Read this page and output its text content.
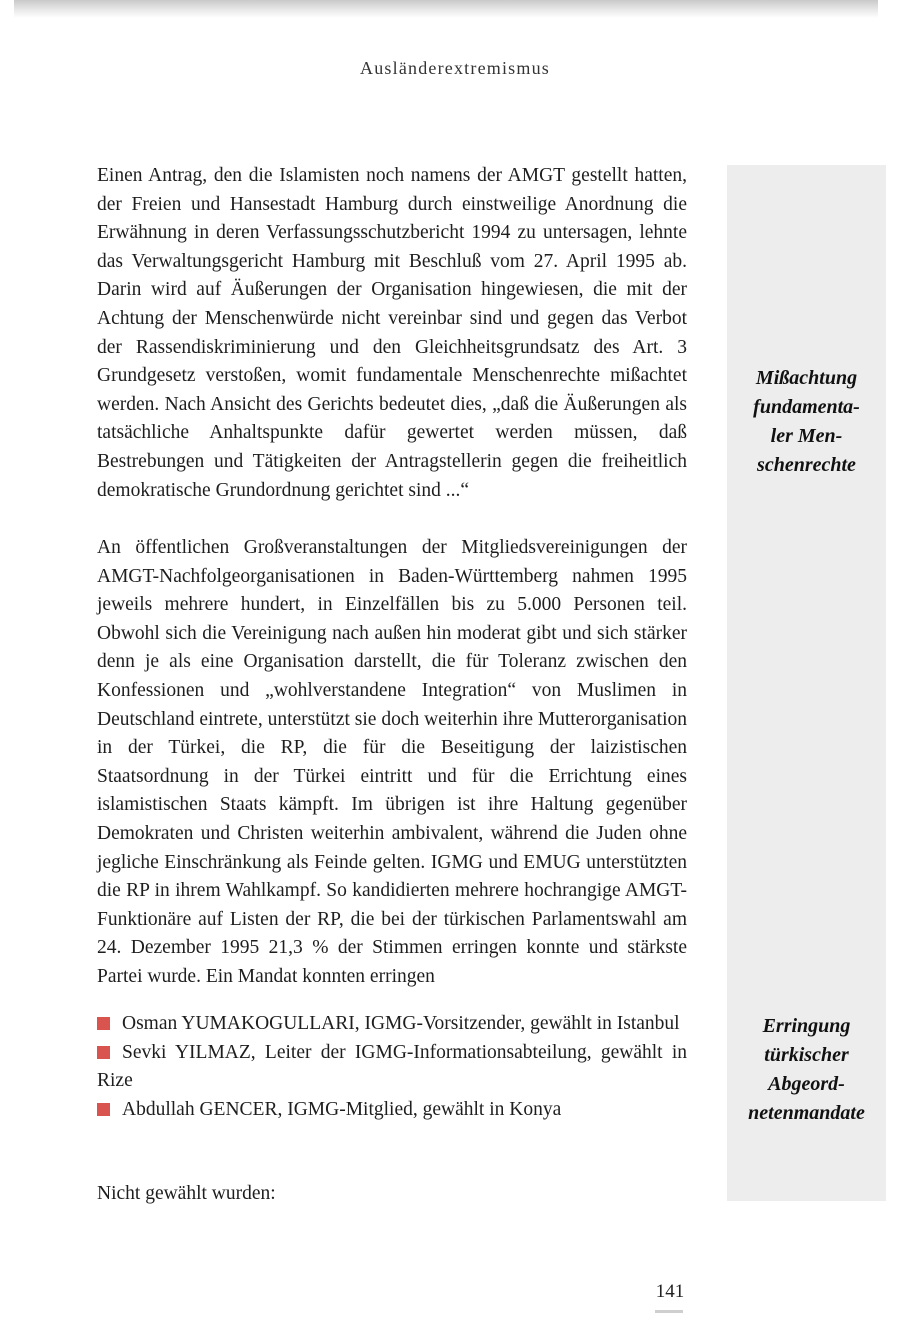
Ausländerextremismus
Einen Antrag, den die Islamisten noch namens der AMGT gestellt hatten, der Freien und Hansestadt Hamburg durch einstweilige Anordnung die Erwähnung in deren Verfassungsschutzbericht 1994 zu untersagen, lehnte das Verwaltungsgericht Hamburg mit Beschluß vom 27. April 1995 ab. Darin wird auf Äußerungen der Organisation hingewiesen, die mit der Achtung der Menschenwürde nicht vereinbar sind und gegen das Verbot der Rassendiskriminierung und den Gleichheitsgrundsatz des Art. 3 Grundgesetz verstoßen, womit fundamentale Menschenrechte mißachtet werden. Nach Ansicht des Gerichts bedeutet dies, „daß die Äußerungen als tatsächliche Anhaltspunkte dafür gewertet werden müssen, daß Bestrebungen und Tätigkeiten der Antragstellerin gegen die freiheitlich demokratische Grundordnung gerichtet sind ...“
Mißachtung
fundamenta-
ler Men-
schenrechte
An öffentlichen Großveranstaltungen der Mitgliedsvereinigungen der AMGT-Nachfolgeorganisationen in Baden-Württemberg nahmen 1995 jeweils mehrere hundert, in Einzelfällen bis zu 5.000 Personen teil. Obwohl sich die Vereinigung nach außen hin moderat gibt und sich stärker denn je als eine Organisation darstellt, die für Toleranz zwischen den Konfessionen und „wohlverstandene Integration“ von Muslimen in Deutschland eintrete, unterstützt sie doch weiterhin ihre Mutterorganisation in der Türkei, die RP, die für die Beseitigung der laizistischen Staatsordnung in der Türkei eintritt und für die Errichtung eines islamistischen Staats kämpft. Im übrigen ist ihre Haltung gegenüber Demokraten und Christen weiterhin ambivalent, während die Juden ohne jegliche Einschränkung als Feinde gelten. IGMG und EMUG unterstützten die RP in ihrem Wahlkampf. So kandidierten mehrere hochrangige AMGT-Funktionäre auf Listen der RP, die bei der türkischen Parlamentswahl am 24. Dezember 1995 21,3 % der Stimmen erringen konnte und stärkste Partei wurde. Ein Mandat konnten erringen
Osman YUMAKOGULLARI, IGMG-Vorsitzender, gewählt in Istanbul
Sevki YILMAZ, Leiter der IGMG-Informationsabteilung, gewählt in Rize
Abdullah GENCER, IGMG-Mitglied, gewählt in Konya
Erringung
türkischer
Abgeord-
netenmandate
Nicht gewählt wurden:
141
